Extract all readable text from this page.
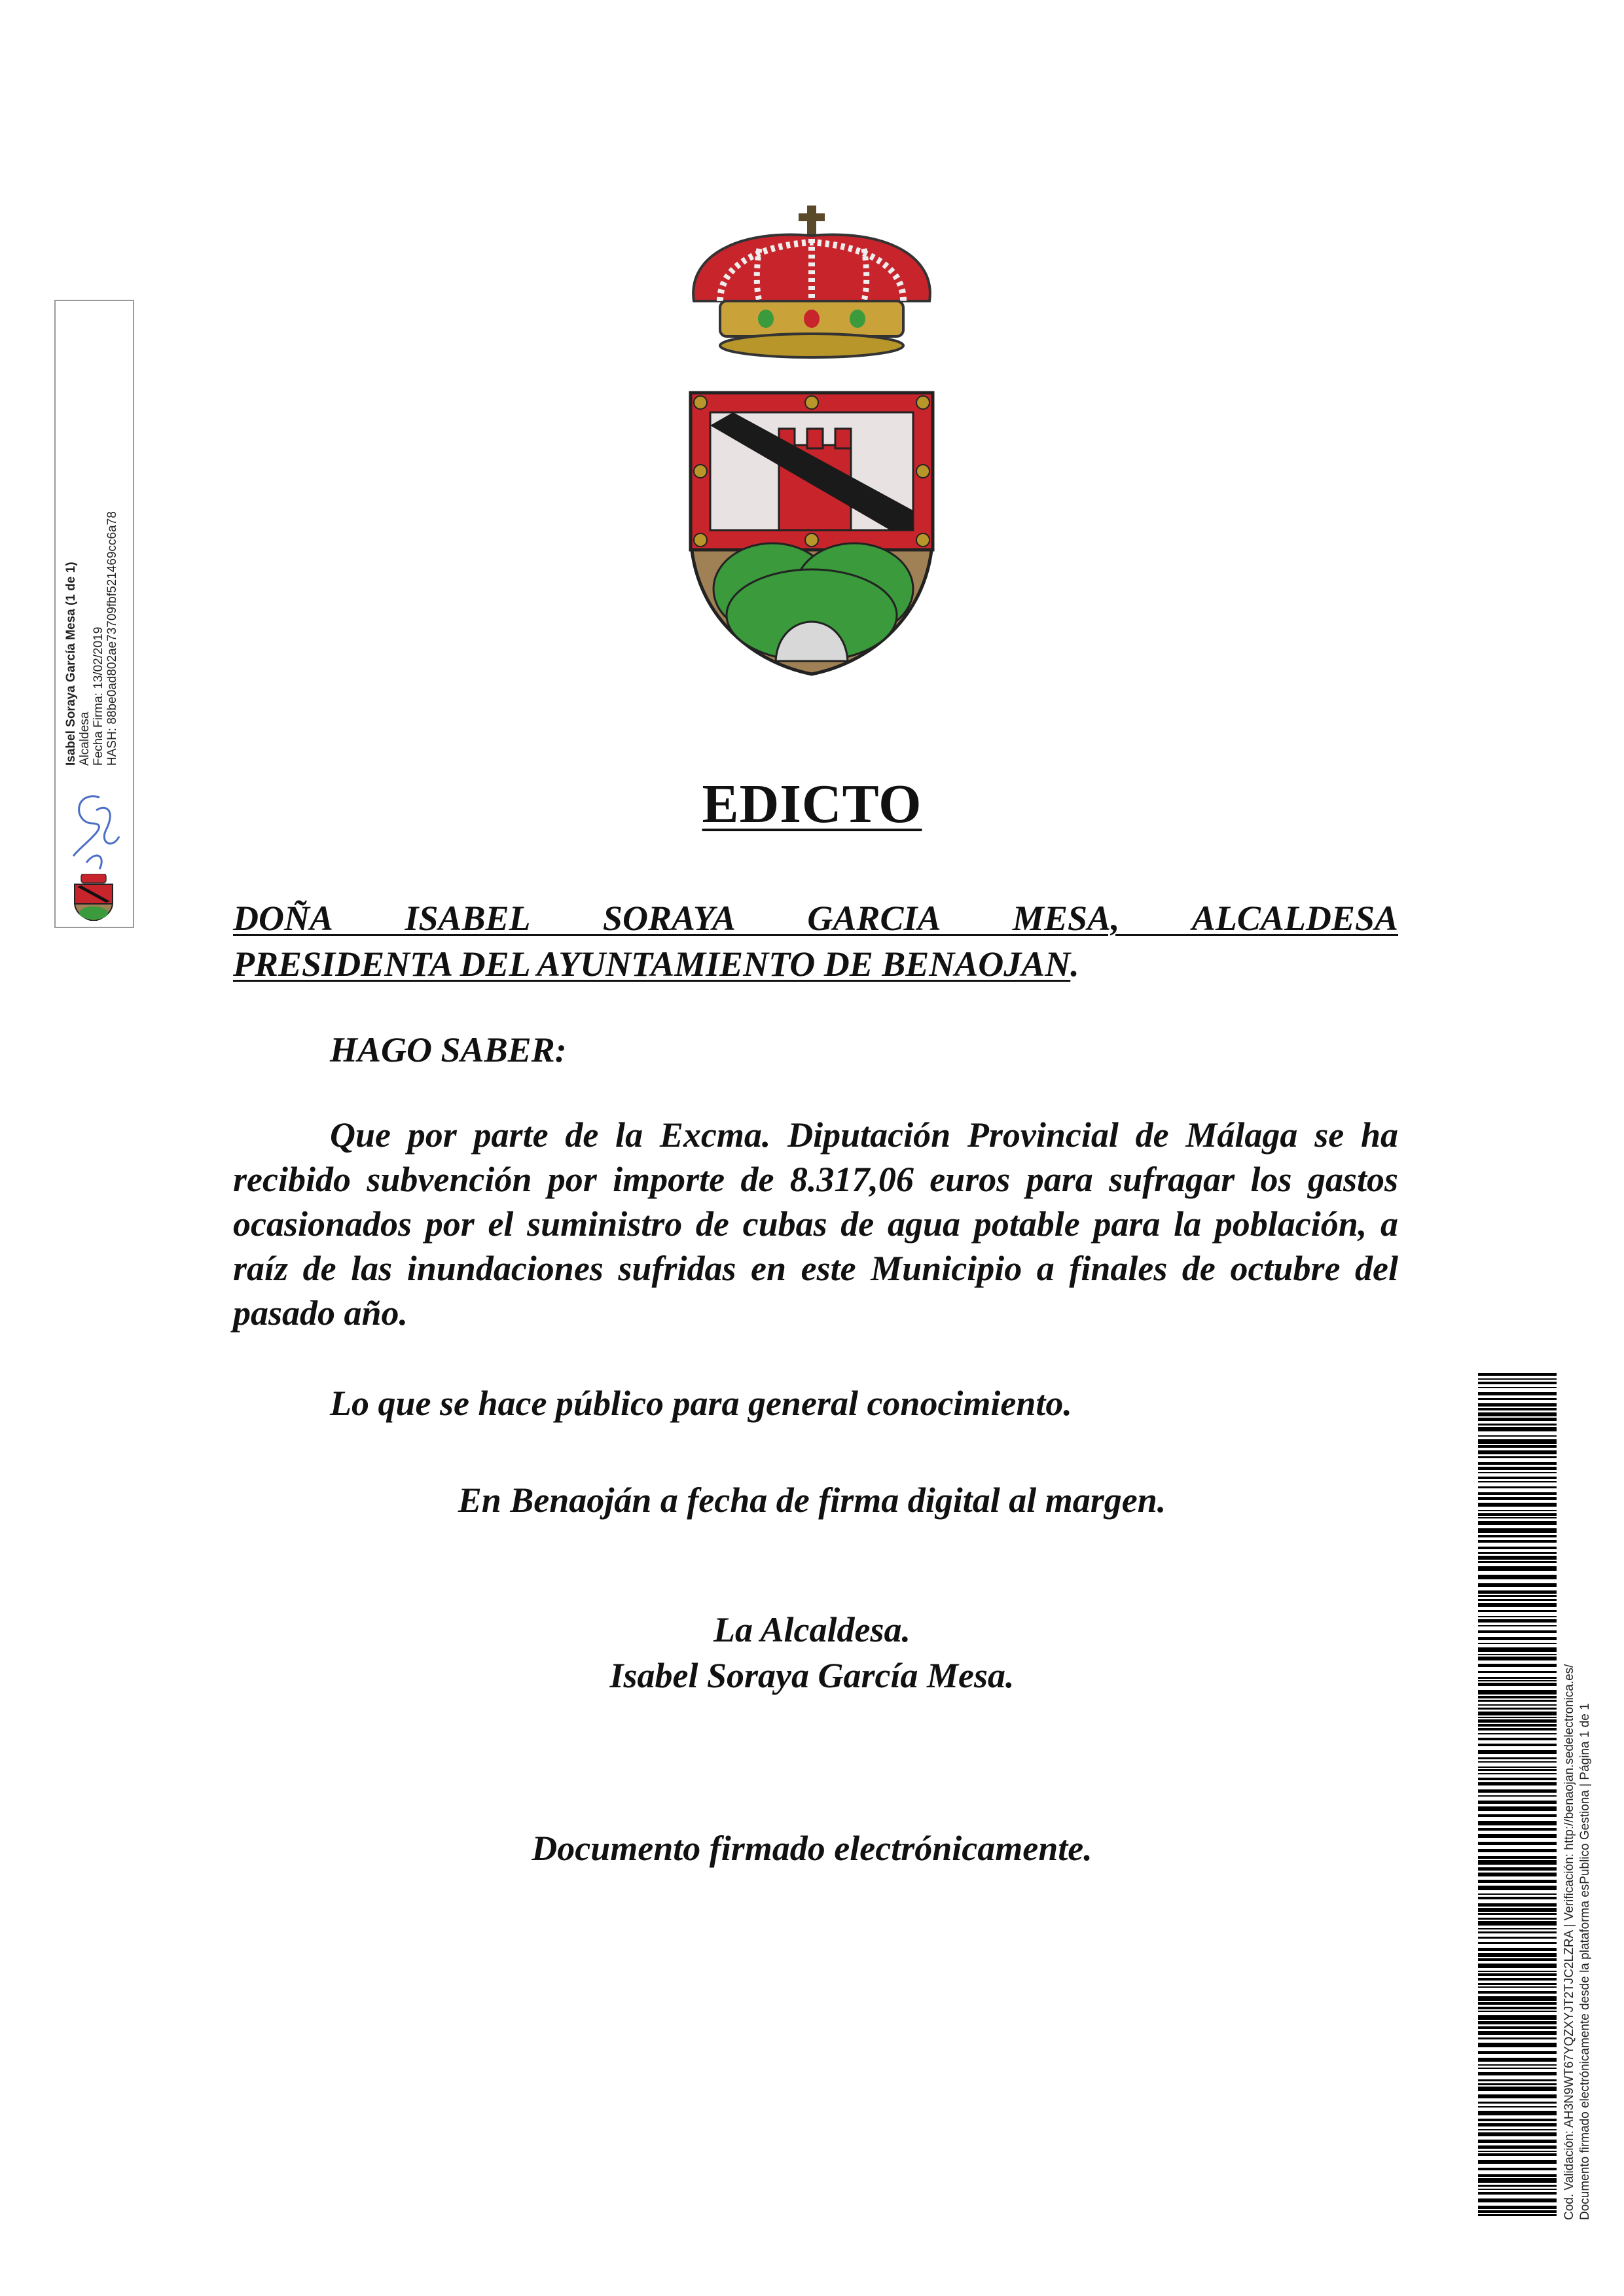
Isabel Soraya García Mesa (1 de 1) Alcaldesa Fecha Firma: 13/02/2019 HASH: 88be0ad802ae73709fbf521469cc6a78
EDICTO
DOÑA ISABEL SORAYA GARCIA MESA, ALCALDESA
PRESIDENTA DEL AYUNTAMIENTO DE BENAOJAN.
HAGO SABER:
Que por parte de la Excma. Diputación Provincial de Málaga se ha recibido subvención por importe de 8.317,06 euros para sufragar los gastos ocasionados por el suministro de cubas de agua potable para la población, a raíz de las inundaciones sufridas en este Municipio a finales de octubre del pasado año.
Lo que se hace público para general conocimiento.
En Benaoján a fecha de firma digital al margen.
La Alcaldesa.
Isabel Soraya García Mesa.
Documento firmado electrónicamente.	Cod. Validación: AH3N9WT67YQZXYJT2TJC2LZRA | Verificación: http://benaojan.sedelectronica.es/ Documento firmado electrónicamente desde la plataforma esPublico Gestiona | Página 1 de 1
